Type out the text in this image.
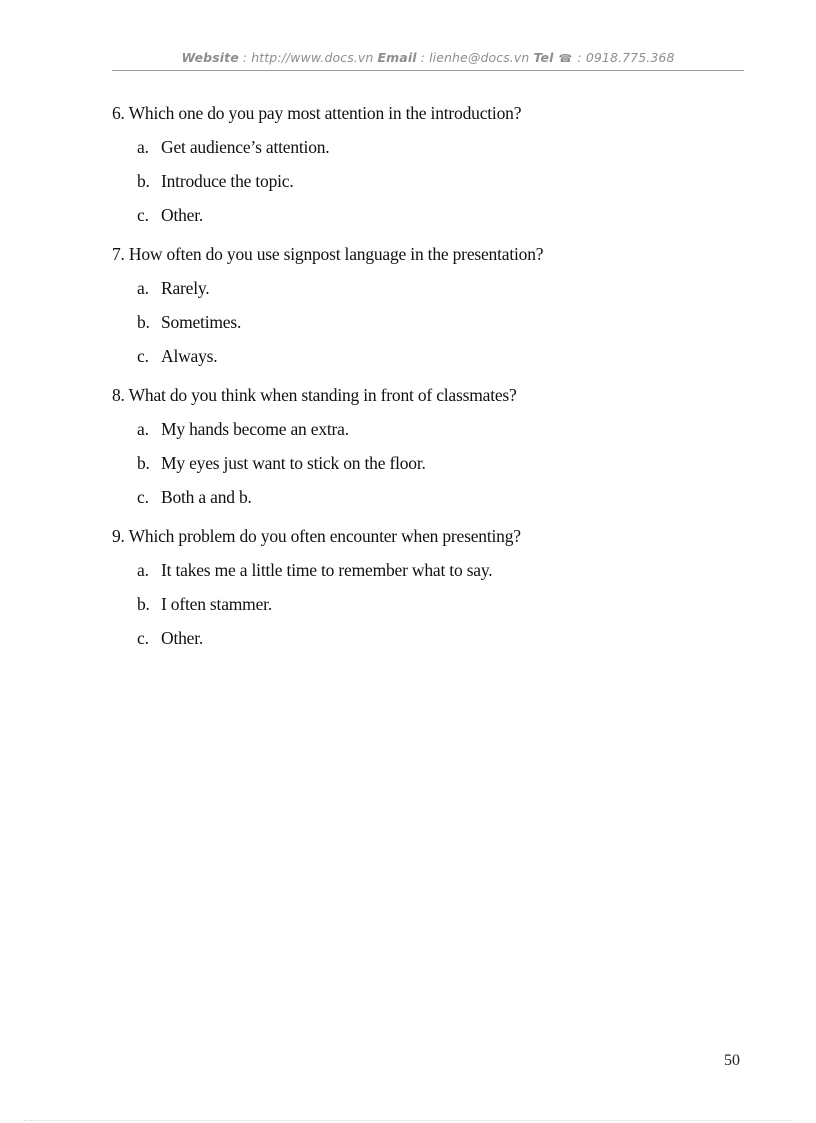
Website : http://www.docs.vn Email : lienhe@docs.vn Tel ☎ : 0918.775.368
6. Which one do you pay most attention in the introduction?
a. Get audience’s attention.
b. Introduce the topic.
c. Other.
7. How often do you use signpost language in the presentation?
a. Rarely.
b. Sometimes.
c. Always.
8. What do you think when standing in front of classmates?
a. My hands become an extra.
b. My eyes just want to stick on the floor.
c. Both a and b.
9. Which problem do you often encounter when presenting?
a. It takes me a little time to remember what to say.
b. I often stammer.
c. Other.
50
